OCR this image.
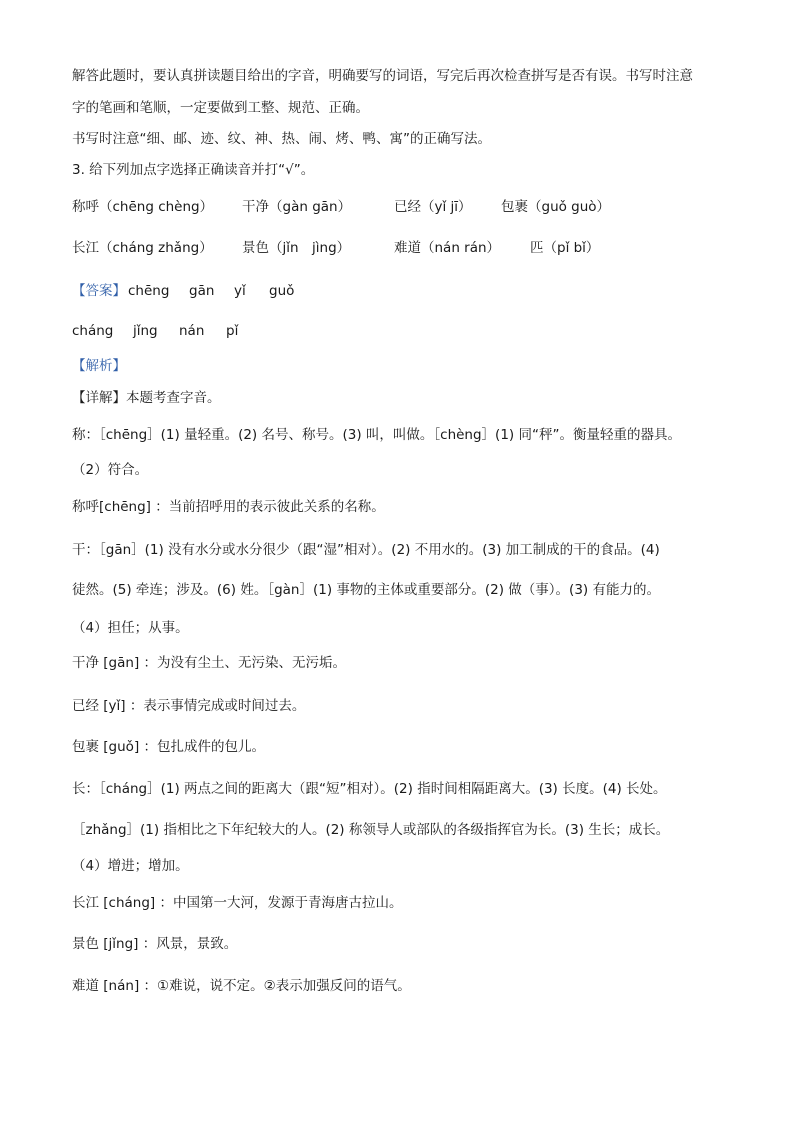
解答此题时，要认真拼读题目给出的字音，明确要写的词语，写完后再次检查拼写是否有误。书写时注意
字的笔画和笔顺，一定要做到工整、规范、正确。
书写时注意“细、邮、迹、纹、神、热、闹、烤、鸭、寓”的正确写法。
3. 给下列加点字选择正确读音并打“√”。
称呼（chēng chèng） 干净（gàn gān）	已经（yǐ jī） 包裹（guǒ guò）
长江（cháng zhǎng） 景色（jǐn　jìng）	难道（nán rán） 匹（pǐ bǐ）
【答案】 chēng gān yǐ guǒ
cháng jǐng nán pǐ
【解析】
【详解】本题考查字音。
称：［chēng］(1) 量轻重。(2) 名号、称号。(3) 叫，叫做。［chèng］(1) 同“秤”。衡量轻重的器具。
（2）符合。
称呼[chēng] ：当前招呼用的表示彼此关系的名称。
干：［gān］(1) 没有水分或水分很少（跟“湿”相对）。(2) 不用水的。(3) 加工制成的干的食品。(4)
徒然。(5) 牵连；涉及。(6) 姓。［gàn］(1) 事物的主体或重要部分。(2) 做（事）。(3) 有能力的。
（4）担任；从事。
干净 [gān] ：为没有尘土、无污染、无污垢。
已经 [yǐ] ：表示事情完成或时间过去。
包裹 [guǒ] ：包扎成件的包儿。
长：［cháng］(1) 两点之间的距离大（跟“短”相对）。(2) 指时间相隔距离大。(3) 长度。(4) 长处。
［zhǎng］(1) 指相比之下年纪较大的人。(2) 称领导人或部队的各级指挥官为长。(3) 生长；成长。
（4）增进；增加。
长江 [cháng] ：中国第一大河，发源于青海唐古拉山。
景色 [jǐng] ：风景，景致。
难道 [nán] ：①难说，说不定。②表示加强反问的语气。
